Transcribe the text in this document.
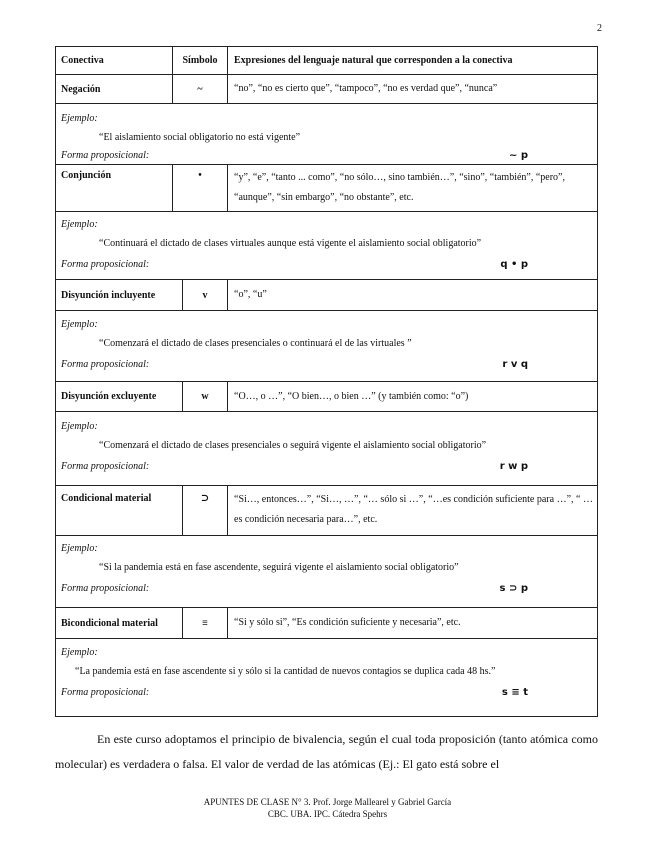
2
Conectiva	Símbolo	Expresiones del lenguaje natural que corresponden a la conectiva
Negación	~	“no”, “no es cierto que”, “tampoco”, “no es verdad que”, “nunca”
Ejemplo:
“El aislamiento social obligatorio no está vigente”
Forma proposicional:	~ p
Conjunción	•	“y”, “e”, “tanto ... como”, “no sólo…, sino también…”, “sino”, “también”, “pero”, “aunque”, “sin embargo”, “no obstante”, etc.
Ejemplo:
“Continuará el dictado de clases virtuales aunque está vigente el aislamiento social obligatorio”
Forma proposicional:	q • p
Disyunción incluyente	v	“o”, “u”
Ejemplo:
“Comenzará el dictado de clases presenciales o continuará el de las virtuales ”
Forma proposicional:	r v q
Disyunción excluyente	w	“O…, o …”, “O bien…, o bien …” (y también como: “o”)
Ejemplo:
“Comenzará el dictado de clases presenciales o seguirá vigente el aislamiento social obligatorio”
Forma proposicional:	r w p
Condicional material	⊃	“Si…, entonces…”, “Si…, …”, “… sólo si …”, “…es condición suficiente para …”, “ … es condición necesaria para…”, etc.
Ejemplo:
“Si la pandemia está en fase ascendente, seguirá vigente el aislamiento social obligatorio”
Forma proposicional:	s ⊃ p
Bicondicional material	≡	“Si y sólo si”, “Es condición suficiente y necesaria”, etc.
Ejemplo:
“La pandemia está en fase ascendente si y sólo si la cantidad de nuevos contagios se duplica cada 48 hs.”
Forma proposicional:	s ≡ t
En este curso adoptamos el principio de bivalencia, según el cual toda proposición (tanto atómica como molecular) es verdadera o falsa. El valor de verdad de las atómicas (Ej.: El gato está sobre el
APUNTES DE CLASE N° 3. Prof. Jorge Mallearel y Gabriel García
CBC. UBA. IPC. Cátedra Spehrs
